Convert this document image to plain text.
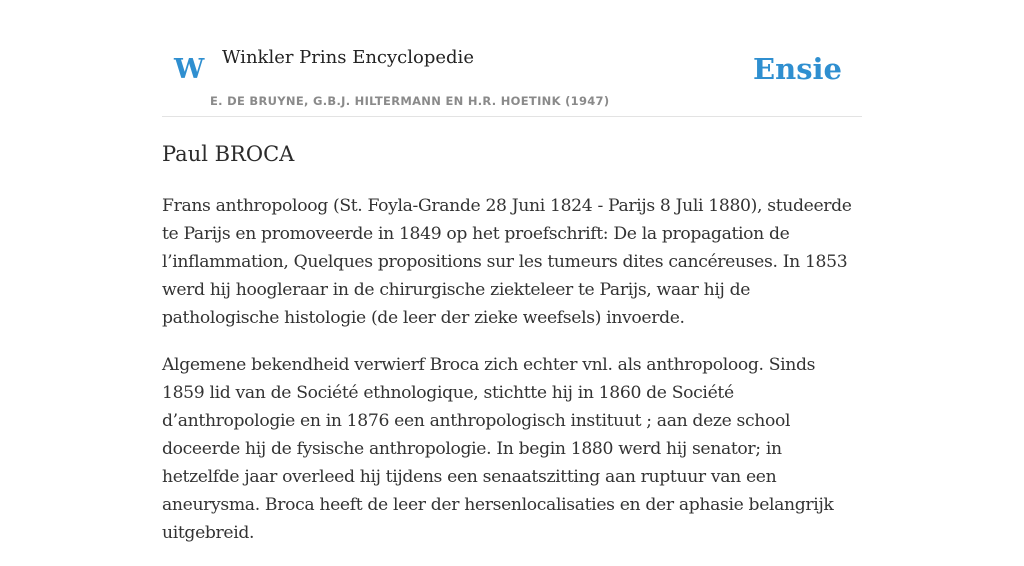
W Winkler Prins Encyclopedie
E. DE BRUYNE, G.B.J. HILTERMANN EN H.R. HOETINK (1947)
Ensie
Paul BROCA

Frans anthropoloog (St. Foyla-Grande 28 Juni 1824 - Parijs 8 Juli 1880), studeerde te Parijs en promoveerde in 1849 op het proefschrift: De la propagation de l’inflammation, Quelques propositions sur les tumeurs dites cancéreuses. In 1853 werd hij hoogleraar in de chirurgische ziekteleer te Parijs, waar hij de pathologische histologie (de leer der zieke weefsels) invoerde.

Algemene bekendheid verwierf Broca zich echter vnl. als anthropoloog. Sinds 1859 lid van de Société ethnologique, stichtte hij in 1860 de Société d’anthropologie en in 1876 een anthropologisch instituut ; aan deze school doceerde hij de fysische anthropologie. In begin 1880 werd hij senator; in hetzelfde jaar overleed hij tijdens een senaatszitting aan ruptuur van een aneurysma. Broca heeft de leer der hersenlocalisaties en der aphasie belangrijk uitgebreid.
